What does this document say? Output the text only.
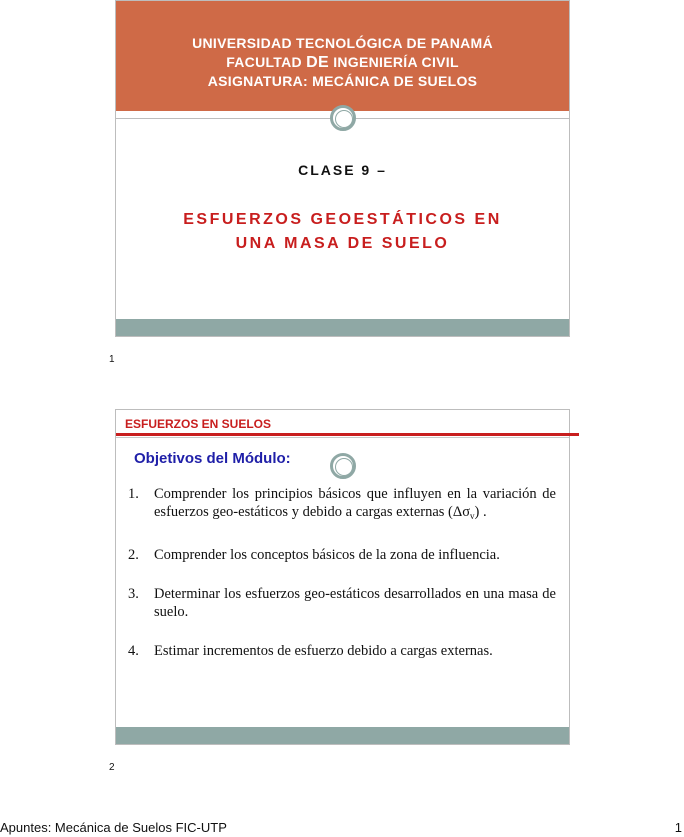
UNIVERSIDAD TECNOLÓGICA DE PANAMÁ
FACULTAD DE INGENIERÍA CIVIL
ASIGNATURA: MECÁNICA DE SUELOS
CLASE 9 –
ESFUERZOS GEOESTÁTICOS EN
UNA MASA DE SUELO
1
ESFUERZOS EN SUELOS
Objetivos del Módulo:
1.	Comprender los principios básicos que influyen en la variación de esfuerzos geo-estáticos y debido a cargas externas $(\Delta\sigma_v)$ .
2.	Comprender los conceptos básicos de la zona de influencia.
3.	Determinar los esfuerzos geo-estáticos desarrollados en una masa de suelo.
4.	Estimar incrementos de esfuerzo debido a cargas externas.
2
Apuntes: Mecánica de Suelos FIC-UTP	1
